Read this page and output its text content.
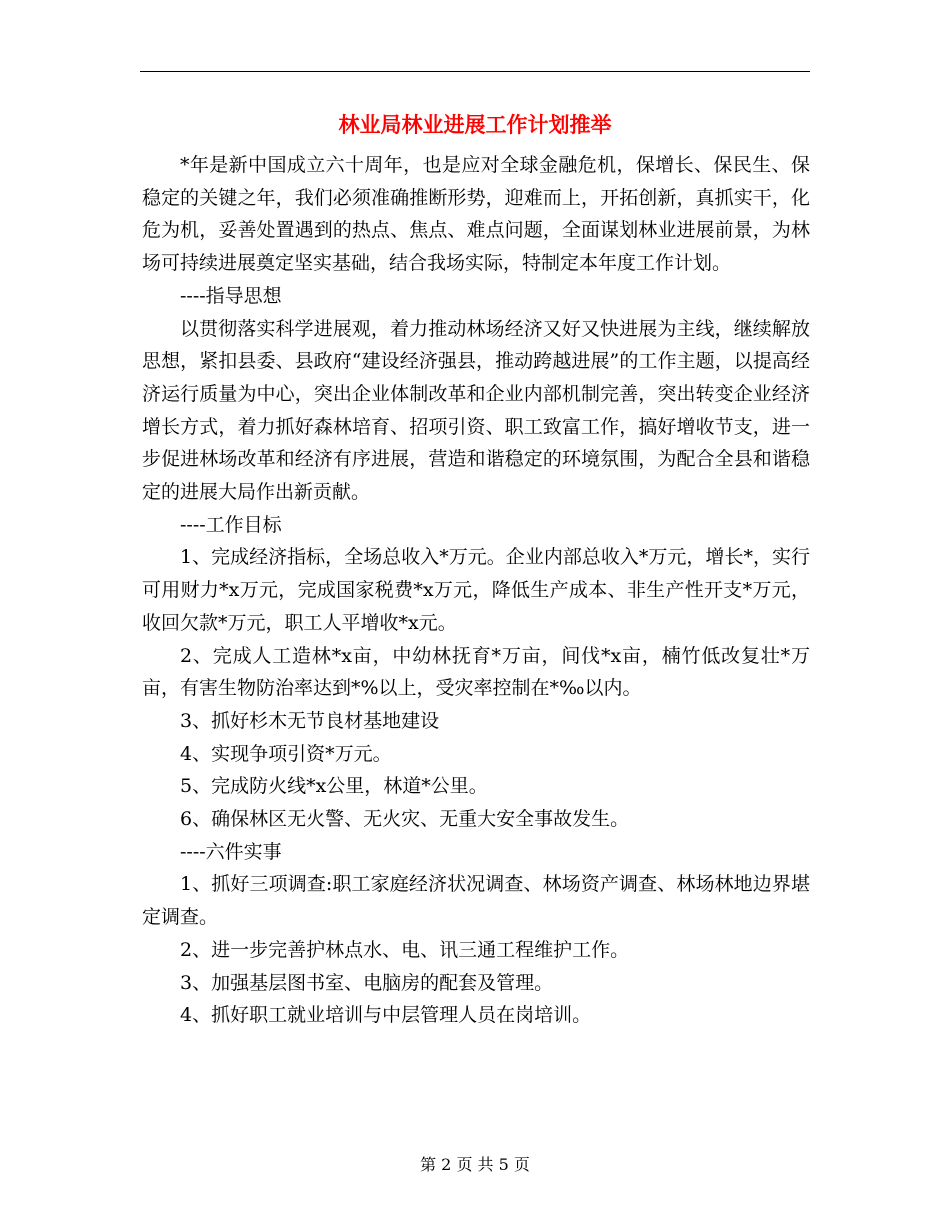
林业局林业进展工作计划推举

*年是新中国成立六十周年，也是应对全球金融危机，保增长、保民生、保稳定的关键之年，我们必须准确推断形势，迎难而上，开拓创新，真抓实干，化危为机，妥善处置遇到的热点、焦点、难点问题，全面谋划林业进展前景，为林场可持续进展奠定坚实基础，结合我场实际，特制定本年度工作计划。

----指导思想

以贯彻落实科学进展观，着力推动林场经济又好又快进展为主线，继续解放思想，紧扣县委、县政府“建设经济强县，推动跨越进展”的工作主题，以提高经济运行质量为中心，突出企业体制改革和企业内部机制完善，突出转变企业经济增长方式，着力抓好森林培育、招项引资、职工致富工作，搞好增收节支，进一步促进林场改革和经济有序进展，营造和谐稳定的环境氛围，为配合全县和谐稳定的进展大局作出新贡献。

----工作目标

1、完成经济指标，全场总收入*万元。企业内部总收入*万元，增长*，实行可用财力*x万元，完成国家税费*x万元，降低生产成本、非生产性开支*万元，收回欠款*万元，职工人平增收*x元。

2、完成人工造林*x亩，中幼林抚育*万亩，间伐*x亩，楠竹低改复壮*万亩，有害生物防治率达到*%以上，受灾率控制在*‰以内。

3、抓好杉木无节良材基地建设

4、实现争项引资*万元。

5、完成防火线*x公里，林道*公里。

6、确保林区无火警、无火灾、无重大安全事故发生。

----六件实事

1、抓好三项调查:职工家庭经济状况调查、林场资产调查、林场林地边界堪定调查。

2、进一步完善护林点水、电、讯三通工程维护工作。

3、加强基层图书室、电脑房的配套及管理。

4、抓好职工就业培训与中层管理人员在岗培训。

第 2 页 共 5 页
